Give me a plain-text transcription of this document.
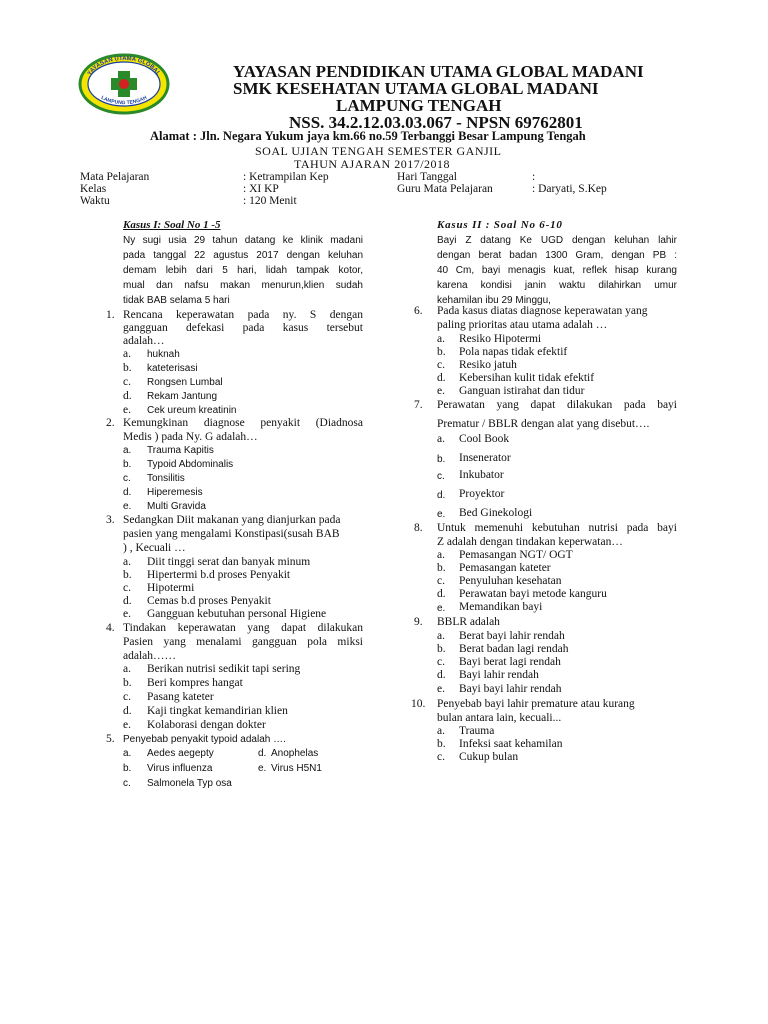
YAYASAN UTAMA GLOBAL
LAMPUNG TENGAH
YAYASAN PENDIDIKAN UTAMA GLOBAL MADANI
SMK KESEHATAN UTAMA GLOBAL MADANI
LAMPUNG TENGAH
NSS. 34.2.12.03.03.067 - NPSN 69762801
Alamat : Jln. Negara Yukum jaya km.66 no.59 Terbanggi Besar Lampung Tengah
SOAL UJIAN TENGAH SEMESTER GANJIL
TAHUN AJARAN 2017/2018
Mata Pelajaran	: Ketrampilan Kep
Kelas	: XI KP
Waktu	: 120 Menit
Hari Tanggal	:
Guru Mata Pelajaran	: Daryati, S.Kep
Kasus I: Soal No 1 -5
Ny sugi usia 29 tahun datang ke klinik madani
pada tanggal 22 agustus 2017 dengan keluhan
demam lebih dari 5 hari, lidah tampak kotor,
mual dan nafsu makan menurun,klien sudah
tidak BAB selama 5 hari
1. Rencana keperawatan pada ny. S dengan
gangguan defekasi pada kasus tersebut
adalah…
a. huknah
b. kateterisasi
c. Rongsen Lumbal
d. Rekam Jantung
e. Cek ureum kreatinin
2. Kemungkinan diagnose penyakit (Diadnosa
Medis ) pada Ny. G adalah…
a. Trauma Kapitis
b. Typoid Abdominalis
c. Tonsilitis
d. Hiperemesis
e. Multi Gravida
3. Sedangkan Diit makanan yang dianjurkan pada
pasien yang mengalami Konstipasi(susah BAB
) , Kecuali …
a. Diit tinggi serat dan banyak minum
b. Hipertermi b.d proses Penyakit
c. Hipotermi
d. Cemas b.d proses Penyakit
e. Gangguan kebutuhan personal Higiene
4. Tindakan keperawatan yang dapat dilakukan
Pasien yang menalami gangguan pola miksi
adalah……
a. Berikan nutrisi sedikit tapi sering
b. Beri kompres hangat
c. Pasang kateter
d. Kaji tingkat kemandirian klien
e. Kolaborasi dengan dokter
5. Penyebab penyakit typoid adalah ….
a. Aedes aegepty	d. Anophelas
b. Virus influenza	e. Virus H5N1
c. Salmonela Typ osa
Kasus II : Soal No 6-10
Bayi Z datang Ke UGD dengan keluhan lahir
dengan berat badan 1300 Gram, dengan PB :
40 Cm, bayi menagis kuat, reflek hisap kurang
karena kondisi janin waktu dilahirkan umur
kehamilan ibu 29 Minggu,
6. Pada kasus diatas diagnose keperawatan yang
paling prioritas atau utama adalah …
a. Resiko Hipotermi
b. Pola napas tidak efektif
c. Resiko jatuh
d. Kebersihan kulit tidak efektif
e. Ganguan istirahat dan tidur
7. Perawatan yang dapat dilakukan pada bayi
Prematur / BBLR dengan alat yang disebut….
a. Cool Book
b. Insenerator
c. Inkubator
d. Proyektor
e. Bed Ginekologi
8. Untuk memenuhi kebutuhan nutrisi pada bayi
Z adalah dengan tindakan keperwatan…
a. Pemasangan NGT/ OGT
b. Pemasangan kateter
c. Penyuluhan kesehatan
d. Perawatan bayi metode kanguru
e. Memandikan bayi
9. BBLR adalah
a. Berat bayi lahir rendah
b. Berat badan lagi rendah
c. Bayi berat lagi rendah
d. Bayi lahir rendah
e. Bayi bayi lahir rendah
10. Penyebab bayi lahir premature atau kurang
bulan antara lain, kecuali...
a. Trauma
b. Infeksi saat kehamilan
c. Cukup bulan
